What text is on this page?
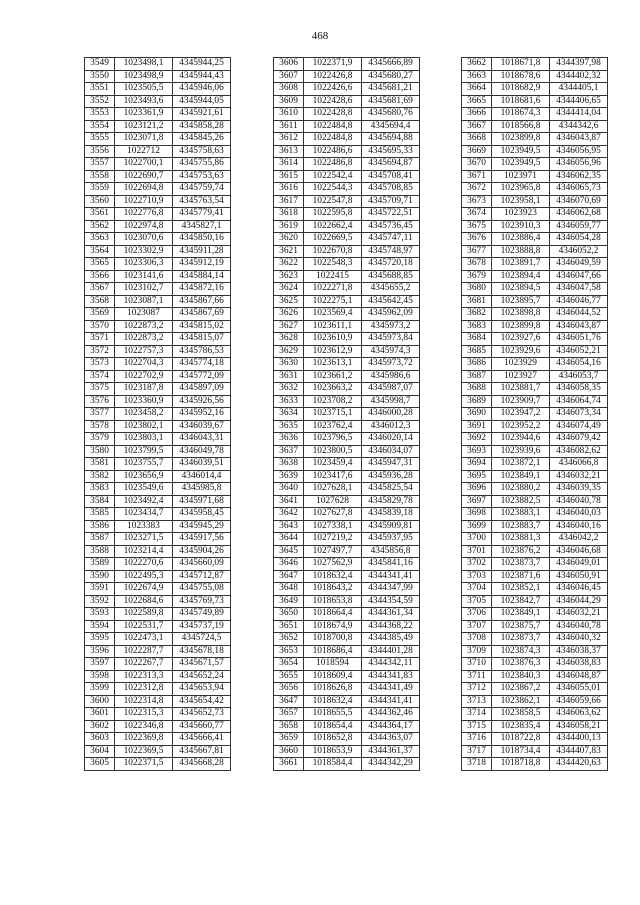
468
3549	1023498,1	4345944,25
3550	1023498,9	4345944,43
3551	1023505,5	4345946,06
3552	1023493,6	4345944,05
3553	1023361,9	4345921,61
3554	1023121,2	4345858,28
3555	1023071,8	4345845,26
3556	1022712	4345758,63
3557	1022700,1	4345755,86
3558	1022690,7	4345753,63
3559	1022694,8	4345759,74
3560	1022710,9	4345763,54
3561	1022776,8	4345779,41
3562	1022974,8	4345827,1
3563	1023070,6	4345850,16
3564	1023302,9	4345911,28
3565	1023306,3	4345912,19
3566	1023141,6	4345884,14
3567	1023102,7	4345872,16
3568	1023087,1	4345867,66
3569	1023087	4345867,69
3570	1022873,2	4345815,02
3571	1022873,2	4345815,07
3572	1022757,3	4345786,53
3573	1022704,3	4345774,18
3574	1022702,9	4345772,09
3575	1023187,8	4345897,09
3576	1023360,9	4345926,56
3577	1023458,2	4345952,16
3578	1023802,1	4346039,67
3579	1023803,1	4346043,31
3580	1023799,5	4346049,78
3581	1023755,7	4346039,51
3582	1023656,9	4346014,4
3583	1023549,6	4345985,8
3584	1023492,4	4345971,68
3585	1023434,7	4345958,45
3586	1023383	4345945,29
3587	1023271,5	4345917,56
3588	1023214,4	4345904,26
3589	1022270,6	4345660,09
3590	1022495,3	4345712,87
3591	1022674,9	4345755,08
3592	1022684,6	4345769,73
3593	1022589,8	4345749,89
3594	1022531,7	4345737,19
3595	1022473,1	4345724,5
3596	1022287,7	4345678,18
3597	1022267,7	4345671,57
3598	1022313,3	4345652,24
3599	1022312,8	4345653,94
3600	1022314,8	4345654,42
3601	1022315,3	4345652,73
3602	1022346,8	4345660,77
3603	1022369,8	4345666,41
3604	1022369,5	4345667,81
3605	1022371,5	4345668,28
3606	1022371,9	4345666,89
3607	1022426,8	4345680,27
3608	1022426,6	4345681,21
3609	1022428,6	4345681,69
3610	1022428,8	4345680,76
3611	1022484,8	4345694,4
3612	1022484,8	4345694,88
3613	1022486,6	4345695,33
3614	1022486,8	4345694,87
3615	1022542,4	4345708,41
3616	1022544,3	4345708,85
3617	1022547,8	4345709,71
3618	1022595,8	4345722,51
3619	1022662,4	4345736,45
3620	1022669,5	4345747,11
3621	1022670,8	4345748,97
3622	1022548,3	4345720,18
3623	1022415	4345688,85
3624	1022271,8	4345655,2
3625	1022275,1	4345642,45
3626	1023569,4	4345962,09
3627	1023611,1	4345973,2
3628	1023610,9	4345973,84
3629	1023612,9	4345974,3
3630	1023613,1	4345973,72
3631	1023661,2	4345986,6
3632	1023663,2	4345987,07
3633	1023708,2	4345998,7
3634	1023715,1	4346000,28
3635	1023762,4	4346012,3
3636	1023796,5	4346020,14
3637	1023800,5	4346034,07
3638	1023459,4	4345947,31
3639	1023417,6	4345936,28
3640	1027628,1	4345825,54
3641	1027628	4345829,78
3642	1027627,8	4345839,18
3643	1027338,1	4345909,81
3644	1027219,2	4345937,95
3645	1027497,7	4345856,8
3646	1027562,9	4345841,16
3647	1018632,4	4344341,41
3648	1018643,2	4344347,99
3649	1018653,8	4344354,59
3650	1018664,4	4344361,34
3651	1018674,9	4344368,22
3652	1018700,8	4344385,49
3653	1018686,4	4344401,28
3654	1018594	4344342,11
3655	1018609,4	4344341,83
3656	1018626,8	4344341,49
3647	1018632,4	4344341,41
3657	1018655,5	4344362,46
3658	1018654,4	4344364,17
3659	1018652,8	4344363,07
3660	1018653,9	4344361,37
3661	1018584,4	4344342,29
3662	1018671,8	4344397,98
3663	1018678,6	4344402,32
3664	1018682,9	4344405,1
3665	1018681,6	4344406,65
3666	1018674,3	4344414,04
3667	1018566,8	4344342,6
3668	1023899,8	4346043,87
3669	1023949,5	4346056,95
3670	1023949,5	4346056,96
3671	1023971	4346062,35
3672	1023965,8	4346065,73
3673	1023958,1	4346070,69
3674	1023923	4346062,68
3675	1023910,3	4346059,77
3676	1023886,4	4346054,28
3677	1023888,8	4346052,2
3678	1023891,7	4346049,59
3679	1023894,4	4346047,66
3680	1023894,5	4346047,58
3681	1023895,7	4346046,77
3682	1023898,8	4346044,52
3683	1023899,8	4346043,87
3684	1023927,6	4346051,76
3685	1023929,6	4346052,21
3686	1023929	4346054,16
3687	1023927	4346053,7
3688	1023881,7	4346058,35
3689	1023909,7	4346064,74
3690	1023947,2	4346073,34
3691	1023952,2	4346074,49
3692	1023944,6	4346079,42
3693	1023939,6	4346082,62
3694	1023872,1	4346066,8
3695	1023849,1	4346032,21
3696	1023880,2	4346039,35
3697	1023882,5	4346040,78
3698	1023883,1	4346040,03
3699	1023883,7	4346040,16
3700	1023881,3	4346042,2
3701	1023876,2	4346046,68
3702	1023873,7	4346049,01
3703	1023871,6	4346050,91
3704	1023852,1	4346046,45
3705	1023842,7	4346044,29
3706	1023849,1	4346032,21
3707	1023875,7	4346040,78
3708	1023873,7	4346040,32
3709	1023874,3	4346038,37
3710	1023876,3	4346038,83
3711	1023840,3	4346048,87
3712	1023867,2	4346055,01
3713	1023862,1	4346059,66
3714	1023858,5	4346063,62
3715	1023835,4	4346058,21
3716	1018722,8	4344400,13
3717	1018734,4	4344407,83
3718	1018718,8	4344420,63
